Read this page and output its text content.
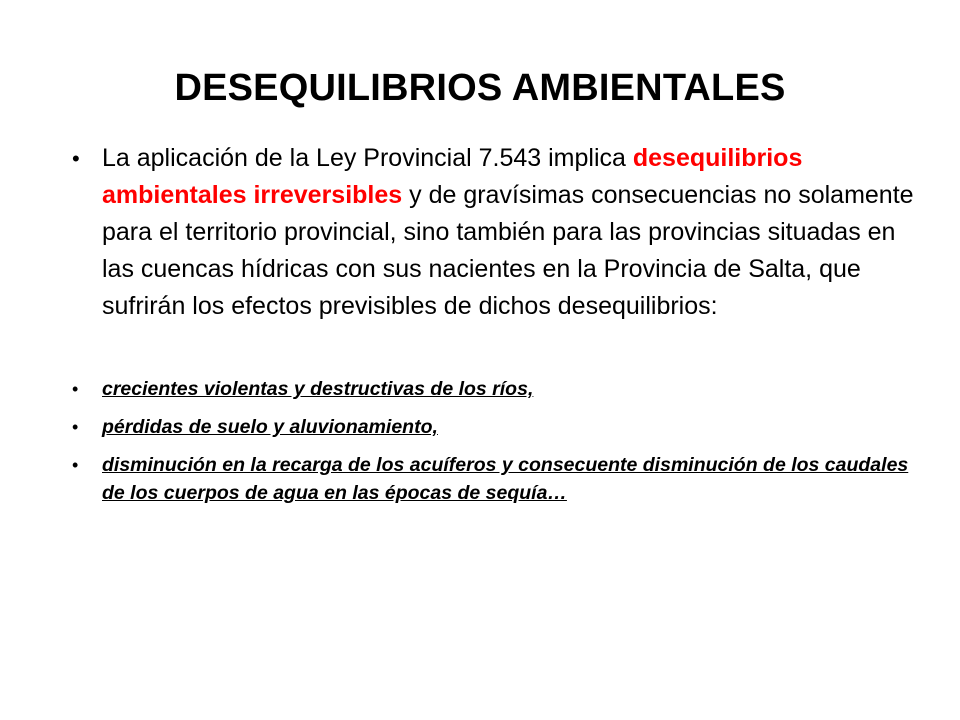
DESEQUILIBRIOS AMBIENTALES
• La aplicación de la Ley Provincial 7.543 implica desequilibrios ambientales irreversibles y de gravísimas consecuencias no solamente para el territorio provincial, sino también para las provincias situadas en las cuencas hídricas con sus nacientes en la Provincia de Salta, que sufrirán los efectos previsibles de dichos desequilibrios:
• crecientes violentas y destructivas de los ríos,
• pérdidas de suelo y aluvionamiento,
• disminución en la recarga de los acuíferos y consecuente disminución de los caudales de los cuerpos de agua en las épocas de sequía…
